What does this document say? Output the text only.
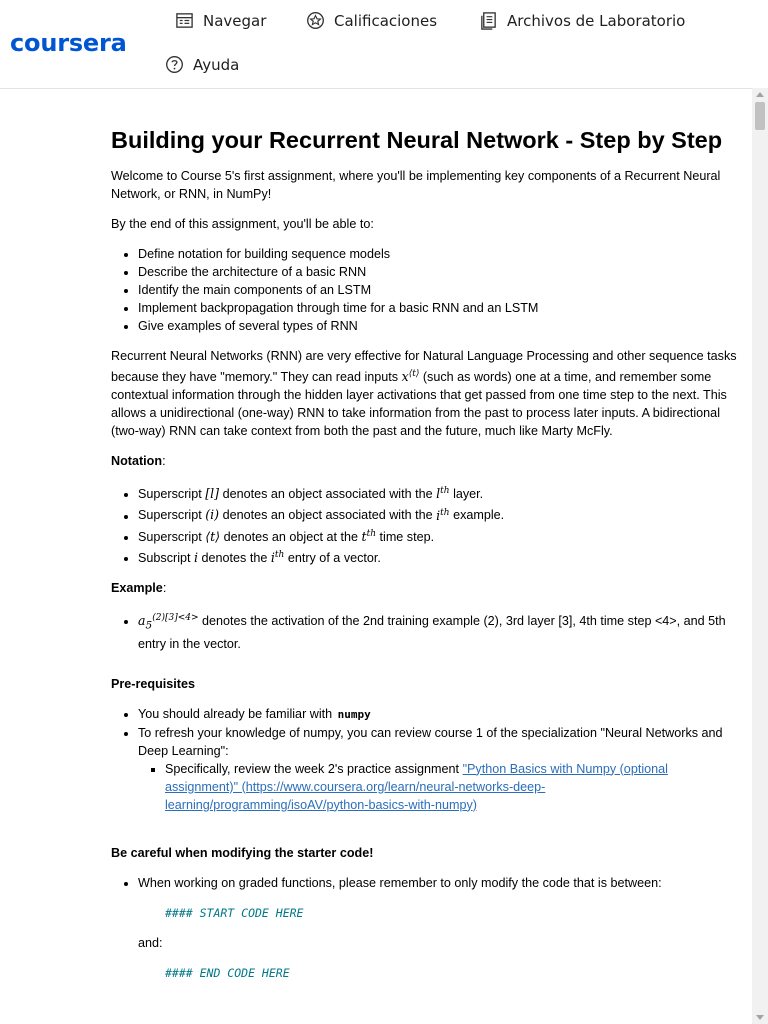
coursera
Navegar	Calificaciones	Archivos de Laboratorio
Ayuda
Building your Recurrent Neural Network - Step by Step

Welcome to Course 5's first assignment, where you'll be implementing key components of a Recurrent Neural Network, or RNN, in NumPy!

By the end of this assignment, you'll be able to:

• Define notation for building sequence models
• Describe the architecture of a basic RNN
• Identify the main components of an LSTM
• Implement backpropagation through time for a basic RNN and an LSTM
• Give examples of several types of RNN

Recurrent Neural Networks (RNN) are very effective for Natural Language Processing and other sequence tasks because they have "memory." They can read inputs $x^{⟨t⟩}$ (such as words) one at a time, and remember some contextual information through the hidden layer activations that get passed from one time step to the next. This allows a unidirectional (one-way) RNN to take information from the past to process later inputs. A bidirectional (two-way) RNN can take context from both the past and the future, much like Marty McFly.

Notation:

• Superscript [l] denotes an object associated with the $l^{th}$ layer.
• Superscript (i) denotes an object associated with the $i^{th}$ example.
• Superscript ⟨t⟩ denotes an object at the $t^{th}$ time step.
• Subscript i denotes the $i^{th}$ entry of a vector.

Example:

• $a_5^{(2)[3]<4>}$ denotes the activation of the 2nd training example (2), 3rd layer [3], 4th time step <4>, and 5th entry in the vector.

Pre-requisites

• You should already be familiar with numpy
• To refresh your knowledge of numpy, you can review course 1 of the specialization "Neural Networks and Deep Learning":
▪ Specifically, review the week 2's practice assignment "Python Basics with Numpy (optional assignment)" (https://www.coursera.org/learn/neural-networks-deep-learning/programming/isoAV/python-basics-with-numpy)

Be careful when modifying the starter code!

• When working on graded functions, please remember to only modify the code that is between:
#### START CODE HERE
and:
#### END CODE HERE
